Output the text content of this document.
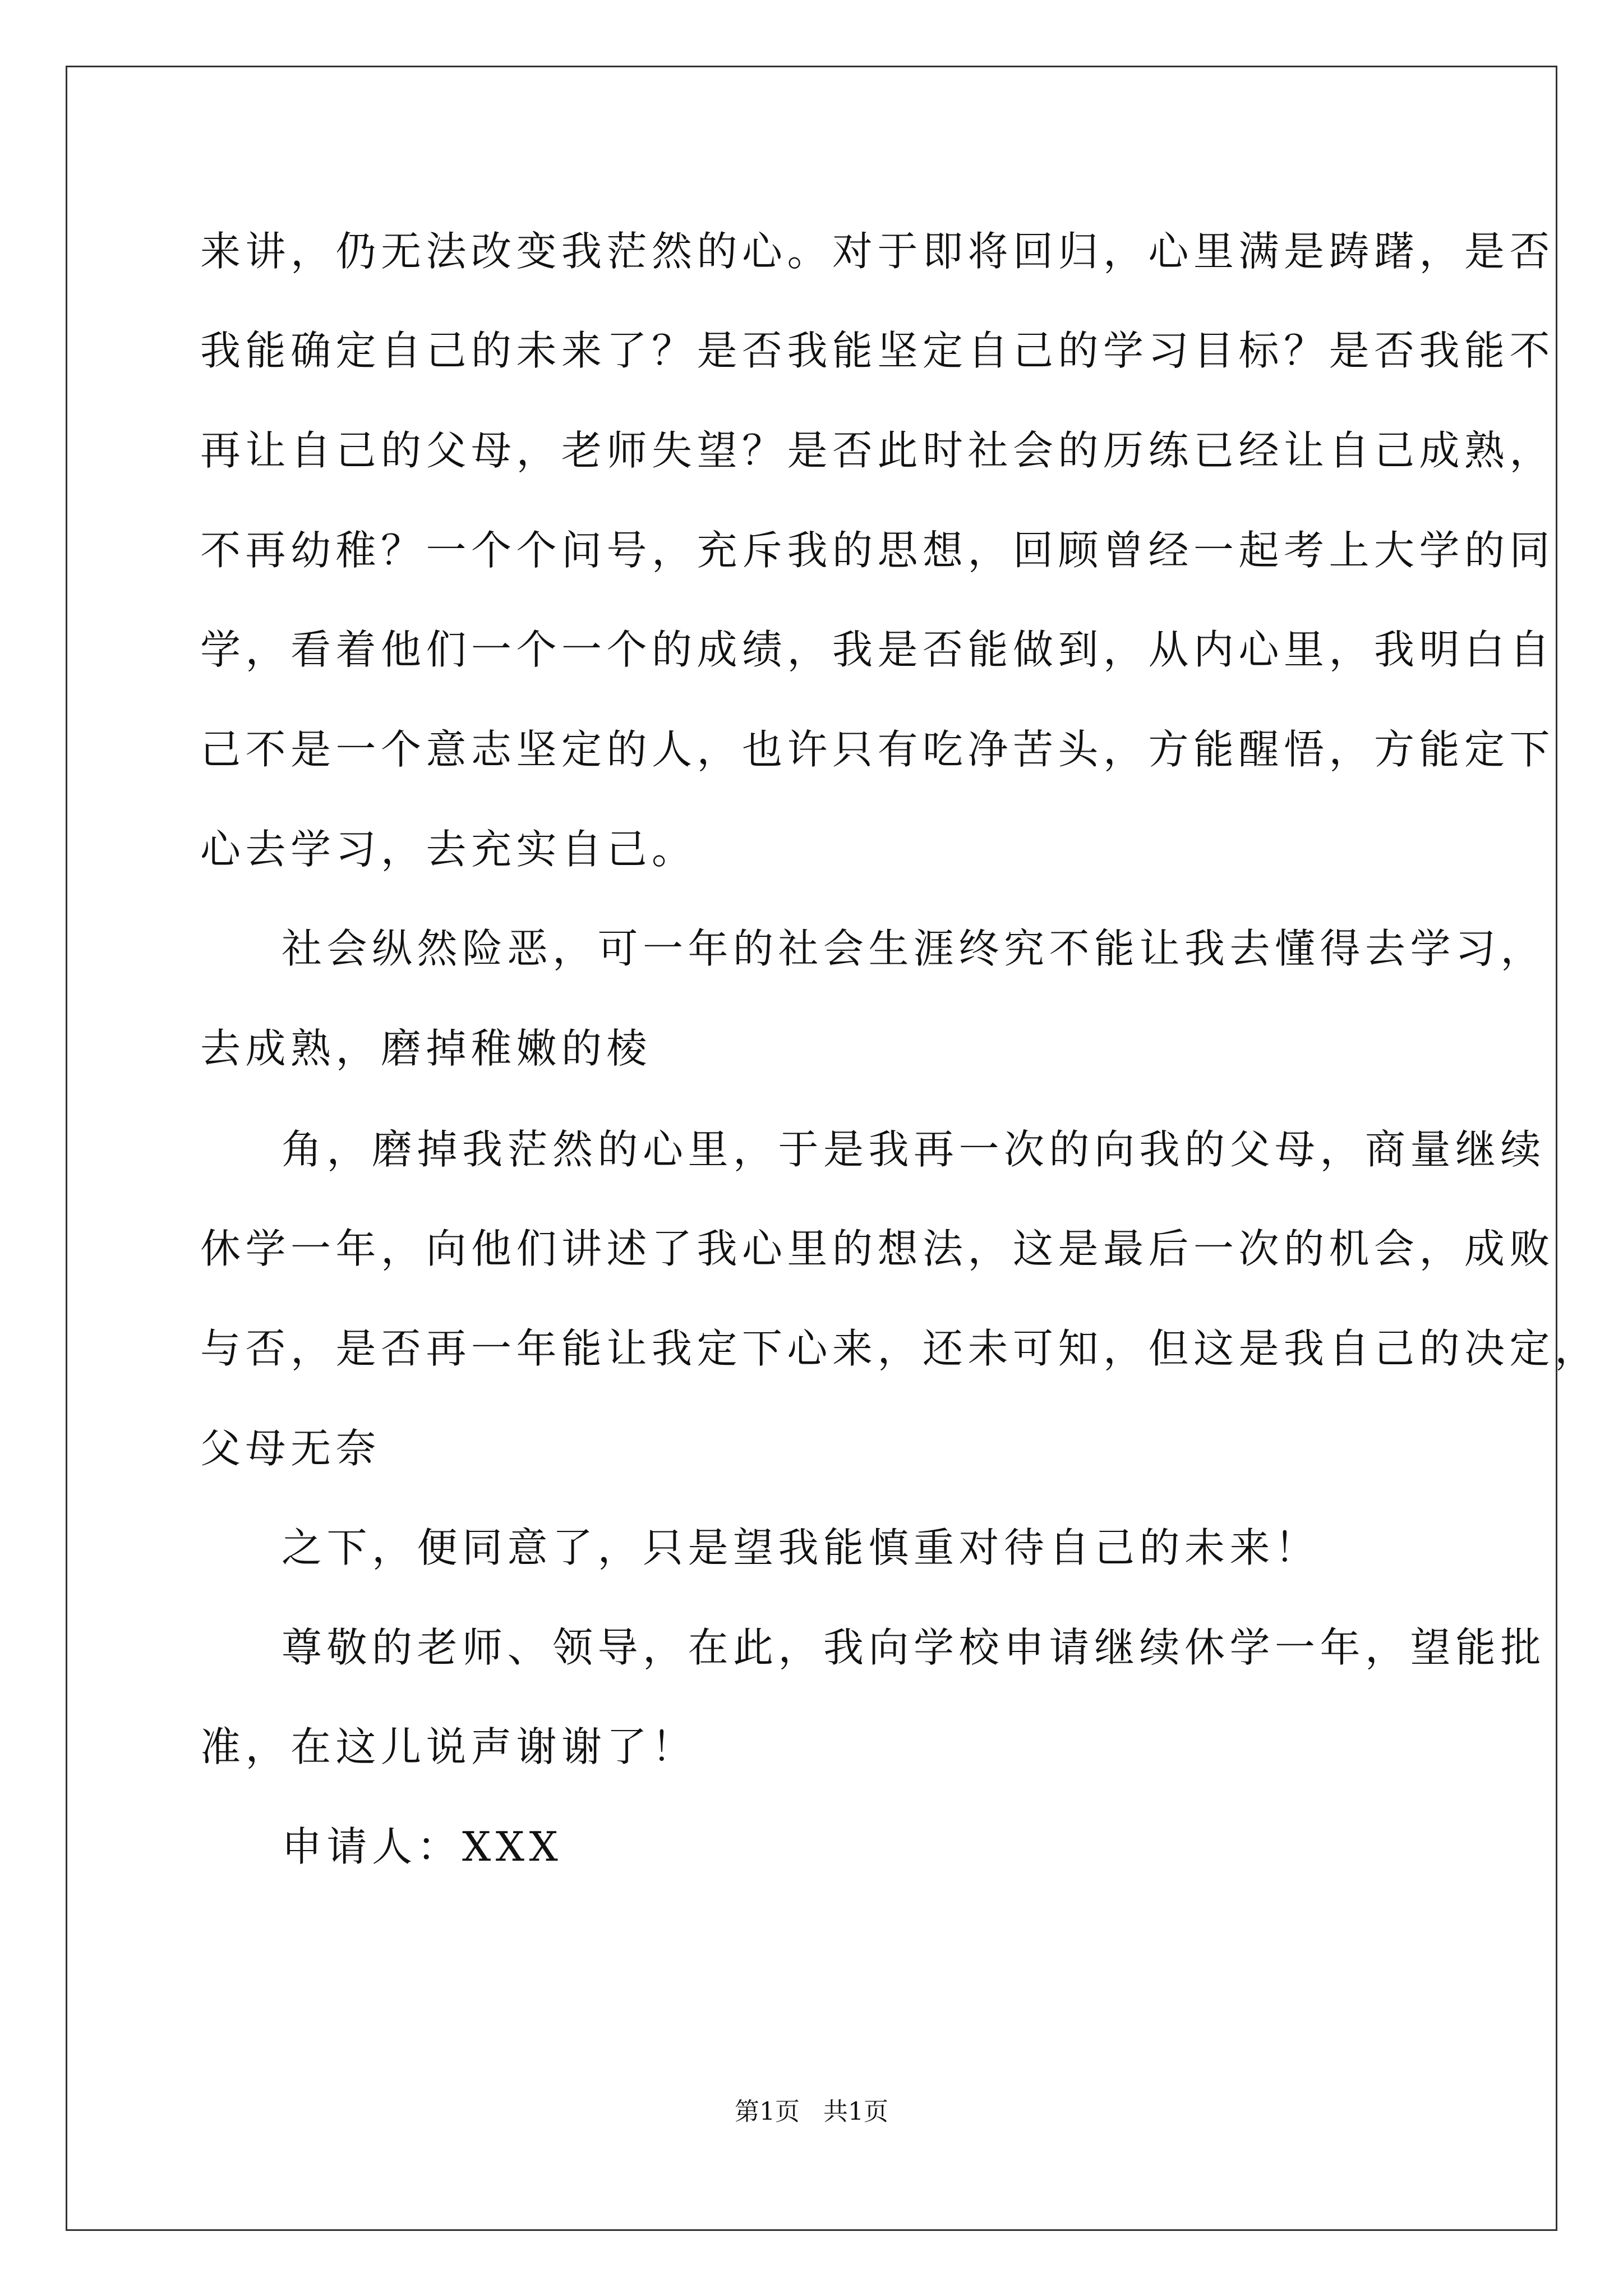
来讲，仍无法改变我茫然的心。对于即将回归，心里满是踌躇，是否
我能确定自己的未来了？是否我能坚定自己的学习目标？是否我能不
再让自己的父母，老师失望？是否此时社会的历练已经让自己成熟，
不再幼稚？一个个问号，充斥我的思想，回顾曾经一起考上大学的同
学，看着他们一个一个的成绩，我是否能做到，从内心里，我明白自
己不是一个意志坚定的人，也许只有吃净苦头，方能醒悟，方能定下
心去学习，去充实自己。
社会纵然险恶，可一年的社会生涯终究不能让我去懂得去学习，
去成熟，磨掉稚嫩的棱
角，磨掉我茫然的心里，于是我再一次的向我的父母，商量继续
休学一年，向他们讲述了我心里的想法，这是最后一次的机会，成败
与否，是否再一年能让我定下心来，还未可知，但这是我自己的决定，
父母无奈
之下，便同意了，只是望我能慎重对待自己的未来！
尊敬的老师、领导，在此，我向学校申请继续休学一年，望能批
准，在这儿说声谢谢了！
申请人：XXX
第1页   共1页
